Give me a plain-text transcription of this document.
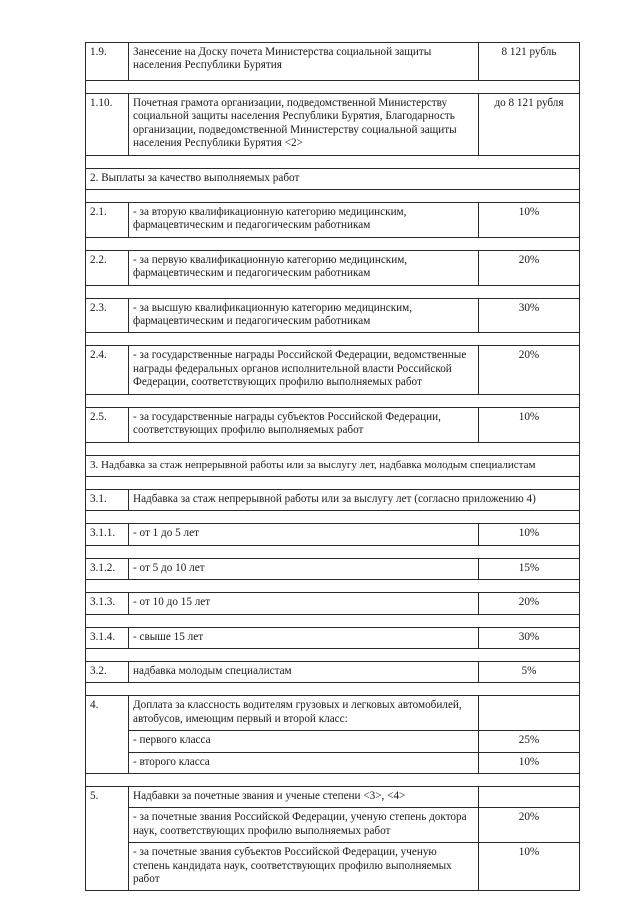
1.9.	Занесение на Доску почета Министерства социальной защиты населения Республики Бурятия	8 121 рубль

1.10.	Почетная грамота организации, подведомственной Министерству социальной защиты населения Республики Бурятия, Благодарность организации, подведомственной Министерству социальной защиты населения Республики Бурятия <2>	до 8 121 рубля

2. Выплаты за качество выполняемых работ		

2.1.	- за вторую квалификационную категорию медицинским, фармацевтическим и педагогическим работникам	10%

2.2.	- за первую квалификационную категорию медицинским, фармацевтическим и педагогическим работникам	20%

2.3.	- за высшую квалификационную категорию медицинским, фармацевтическим и педагогическим работникам	30%

2.4.	- за государственные награды Российской Федерации, ведомственные награды федеральных органов исполнительной власти Российской Федерации, соответствующих профилю выполняемых работ	20%

2.5.	- за государственные награды субъектов Российской Федерации, соответствующих профилю выполняемых работ	10%

3. Надбавка за стаж непрерывной работы или за выслугу лет, надбавка молодым специалистам		

3.1.	Надбавка за стаж непрерывной работы или за выслугу лет (согласно приложению 4)	

3.1.1.	- от 1 до 5 лет	10%

3.1.2.	- от 5 до 10 лет	15%

3.1.3.	- от 10 до 15 лет	20%

3.1.4.	- свыше 15 лет	30%

3.2.	надбавка молодым специалистам	5%

4.	Доплата за классность водителям грузовых и легковых автомобилей, автобусов, имеющим первый и второй класс:	
	- первого класса	25%
	- второго класса	10%

5.	Надбавки за почетные звания и ученые степени <3>, <4>	
	- за почетные звания Российской Федерации, ученую степень доктора наук, соответствующих профилю выполняемых работ	20%
	- за почетные звания субъектов Российской Федерации, ученую степень кандидата наук, соответствующих профилю выполняемых работ	10%
